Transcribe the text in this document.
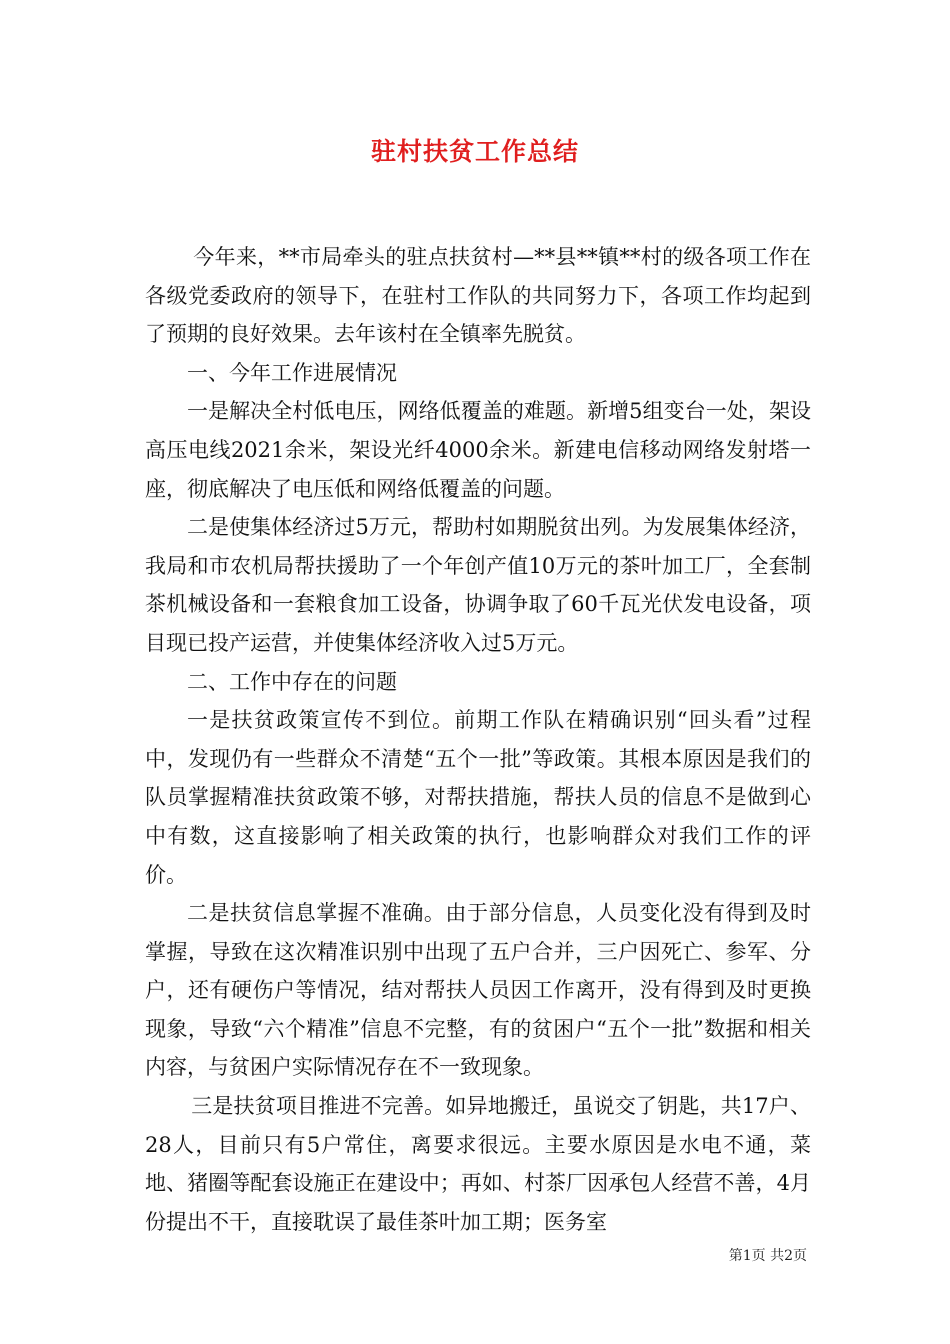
驻村扶贫工作总结

今年来，**市局牵头的驻点扶贫村—**县**镇**村的级各项工作在各级党委政府的领导下，在驻村工作队的共同努力下，各项工作均起到了预期的良好效果。去年该村在全镇率先脱贫。

一、今年工作进展情况

一是解决全村低电压，网络低覆盖的难题。新增5组变台一处，架设高压电线2021余米，架设光纤4000余米。新建电信移动网络发射塔一座，彻底解决了电压低和网络低覆盖的问题。

二是使集体经济过5万元，帮助村如期脱贫出列。为发展集体经济，我局和市农机局帮扶援助了一个年创产值10万元的茶叶加工厂，全套制茶机械设备和一套粮食加工设备，协调争取了60千瓦光伏发电设备，项目现已投产运营，并使集体经济收入过5万元。

二、工作中存在的问题

一是扶贫政策宣传不到位。前期工作队在精确识别“回头看”过程中，发现仍有一些群众不清楚“五个一批”等政策。其根本原因是我们的队员掌握精准扶贫政策不够，对帮扶措施，帮扶人员的信息不是做到心中有数，这直接影响了相关政策的执行，也影响群众对我们工作的评价。

二是扶贫信息掌握不准确。由于部分信息，人员变化没有得到及时掌握，导致在这次精准识别中出现了五户合并，三户因死亡、参军、分户，还有硬伤户等情况，结对帮扶人员因工作离开，没有得到及时更换现象，导致“六个精准”信息不完整，有的贫困户“五个一批”数据和相关内容，与贫困户实际情况存在不一致现象。

三是扶贫项目推进不完善。如异地搬迁，虽说交了钥匙，共17户、28人，目前只有5户常住，离要求很远。主要水原因是水电不通，菜地、猪圈等配套设施正在建设中；再如、村茶厂因承包人经营不善，4月份提出不干，直接耽误了最佳茶叶加工期；医务室

第1页 共2页
